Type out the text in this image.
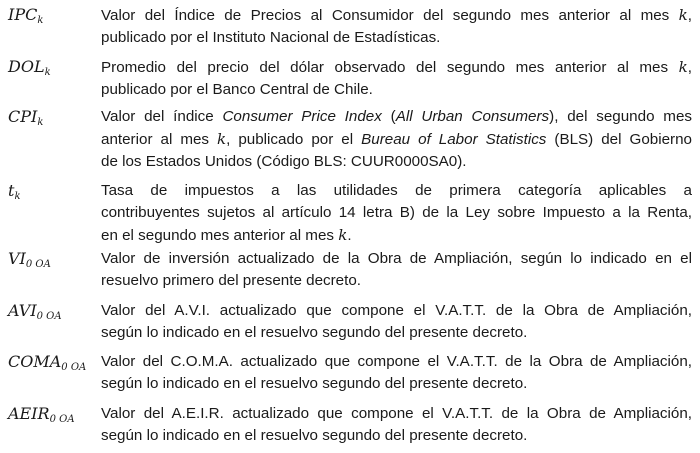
$IPC_k$	Valor del Índice de Precios al Consumidor del segundo mes anterior al mes k,
publicado por el Instituto Nacional de Estadísticas.
$DOL_k$	Promedio del precio del dólar observado del segundo mes anterior al mes k,
publicado por el Banco Central de Chile.
$CPI_k$	Valor del índice Consumer Price Index (All Urban Consumers), del segundo mes
anterior al mes k, publicado por el Bureau of Labor Statistics (BLS) del Gobierno
de los Estados Unidos (Código BLS: CUUR0000SA0).
$t_k$	Tasa de impuestos a las utilidades de primera categoría aplicables a
contribuyentes sujetos al artículo 14 letra B) de la Ley sobre Impuesto a la Renta,
en el segundo mes anterior al mes k.
$VI_{0 OA}$	Valor de inversión actualizado de la Obra de Ampliación, según lo indicado en el
resuelvo primero del presente decreto.
$AVI_{0 OA}$	Valor del A.V.I. actualizado que compone el V.A.T.T. de la Obra de Ampliación,
según lo indicado en el resuelvo segundo del presente decreto.
$COMA_{0 OA}$ Valor del C.O.M.A. actualizado que compone el V.A.T.T. de la Obra de Ampliación,
según lo indicado en el resuelvo segundo del presente decreto.
$AEIR_{0 OA}$ Valor del A.E.I.R. actualizado que compone el V.A.T.T. de la Obra de Ampliación,
según lo indicado en el resuelvo segundo del presente decreto.
